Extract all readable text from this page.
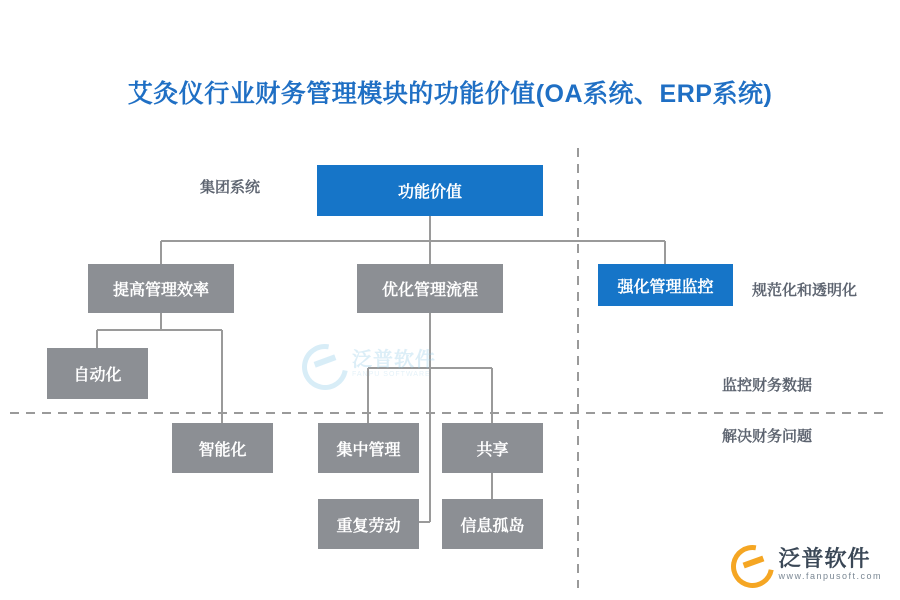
艾灸仪行业财务管理模块的功能价值(OA系统、ERP系统)
泛普软件
FANPU SOFTWARE
集团系统
规范化和透明化
监控财务数据
解决财务问题
功能价值
提高管理效率	优化管理流程	强化管理监控
自动化
智能化	集中管理	共享
重复劳动	信息孤岛
泛普软件
www.fanpusoft.com
